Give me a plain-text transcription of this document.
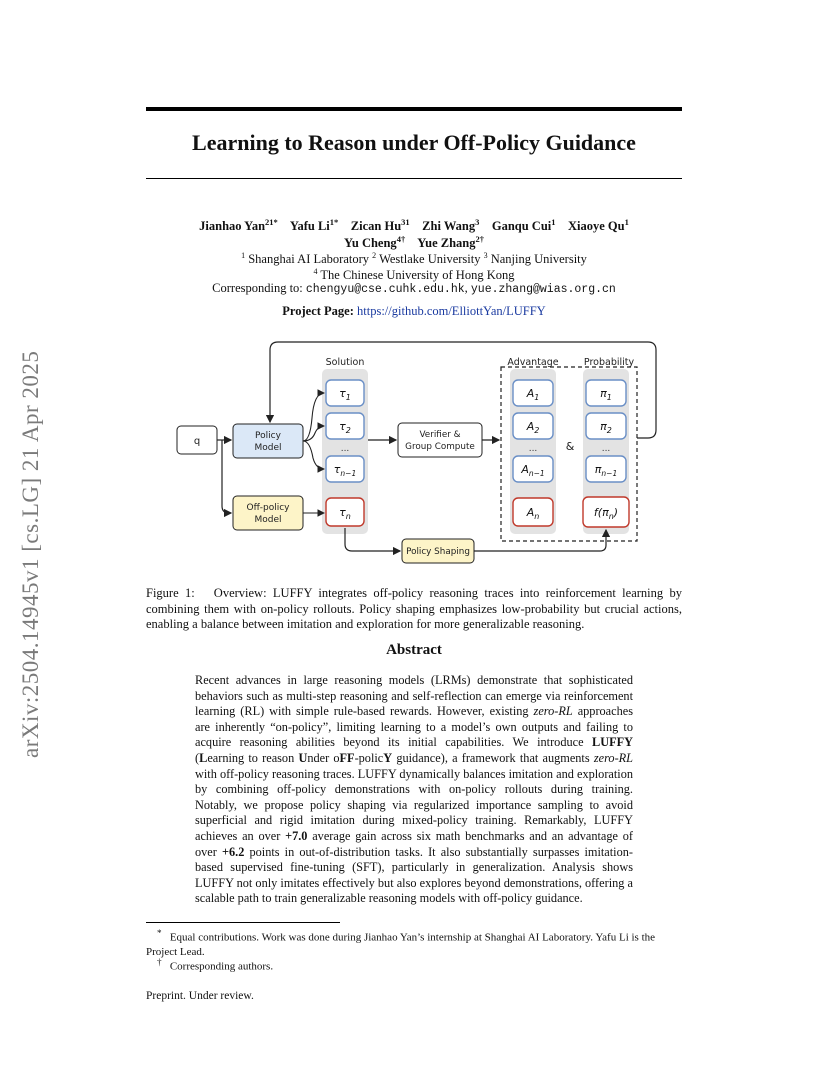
arXiv:2504.14945v1 [cs.LG] 21 Apr 2025
Learning to Reason under Off-Policy Guidance
Jianhao Yan$^{21*}$ Yafu $Li^{1*}$ Zican Hu$^{31}$ Zhi Wang$^3$ Ganqu Cui$^1$ Xiaoye Qu$^1$
Yu Cheng$^{4\dagger}$ Yue Zhang$^{2\dagger}$
$^1$ Shanghai AI Laboratory $^2$ Westlake University $^3$ Nanjing University
$^4$ The Chinese University of Hong Kong
Corresponding to: chengyu@cse.cuhk.edu.hk, yue.zhang@wias.org.cn
Project Page: https://github.com/ElliottYan/LUFFY
Solution	Advantage	Probability
q	Policy
Model
Off-policy
Model
$\tau_1$
$\tau_2$
...
$\tau_{n-1}$
$\tau_n$
Verifier &
Group Compute
$A_1$
$A_2$
...
$A_{n-1}$
$A_n$
&
$\pi_1$
$\pi_2$
...
$\pi_{n-1}$
$f(\pi_n)$
Policy Shaping
Figure 1: Overview: LUFFY integrates off-policy reasoning traces into reinforcement learning by combining them with on-policy rollouts. Policy shaping emphasizes low-probability but crucial actions, enabling a balance between imitation and exploration for more generalizable reasoning.
Abstract
Recent advances in large reasoning models (LRMs) demonstrate that sophisticated behaviors such as multi-step reasoning and self-reflection can emerge via reinforcement learning (RL) with simple rule-based rewards. However, existing zero-RL approaches are inherently “on-policy”, limiting learning to a model’s own outputs and failing to acquire reasoning abilities beyond its initial capabilities. We introduce LUFFY (Learning to reason Under oFF-policY guidance), a framework that augments zero-RL with off-policy reasoning traces. LUFFY dynamically balances imitation and exploration by combining off-policy demonstrations with on-policy rollouts during training. Notably, we propose policy shaping via regularized importance sampling to avoid superficial and rigid imitation during mixed-policy training. Remarkably, LUFFY achieves an over +7.0 average gain across six math benchmarks and an advantage of over +6.2 points in out-of-distribution tasks. It also substantially surpasses imitation-based supervised fine-tuning (SFT), particularly in generalization. Analysis shows LUFFY not only imitates effectively but also explores beyond demonstrations, offering a scalable path to train generalizable reasoning models with off-policy guidance.
* Equal contributions. Work was done during Jianhao Yan’s internship at Shanghai AI Laboratory. Yafu Li is the Project Lead.
† Corresponding authors.
Preprint. Under review.
